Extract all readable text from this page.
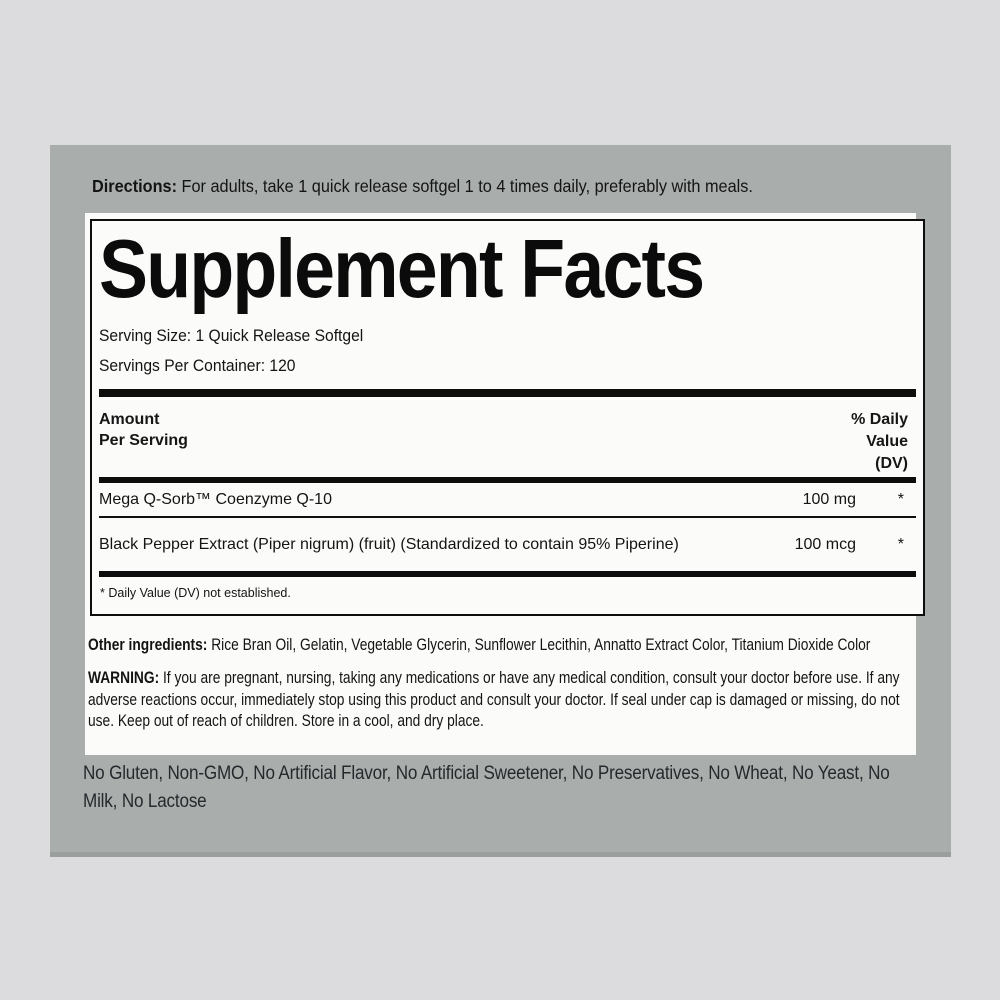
Directions: For adults, take 1 quick release softgel 1 to 4 times daily, preferably with meals.

Supplement Facts
Serving Size: 1 Quick Release Softgel
Servings Per Container: 120
Amount
Per Serving
% Daily
Value
(DV)
Mega Q-Sorb™ Coenzyme Q-10	100 mg	*
Black Pepper Extract (Piper nigrum) (fruit) (Standardized to contain 95% Piperine)	100 mcg	*
* Daily Value (DV) not established.

Other ingredients: Rice Bran Oil, Gelatin, Vegetable Glycerin, Sunflower Lecithin, Annatto Extract Color, Titanium Dioxide Color

WARNING: If you are pregnant, nursing, taking any medications or have any medical condition, consult your doctor before use. If any adverse reactions occur, immediately stop using this product and consult your doctor. If seal under cap is damaged or missing, do not use. Keep out of reach of children. Store in a cool, and dry place.

No Gluten, Non-GMO, No Artificial Flavor, No Artificial Sweetener, No Preservatives, No Wheat, No Yeast, No Milk, No Lactose
